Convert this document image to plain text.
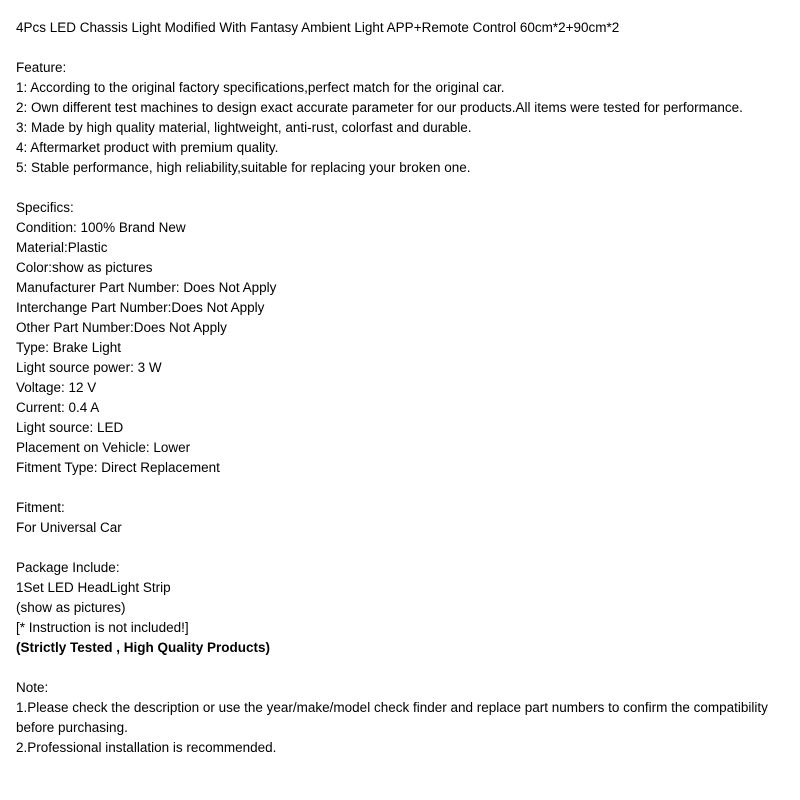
4Pcs LED Chassis Light Modified With Fantasy Ambient Light APP+Remote Control 60cm*2+90cm*2
Feature:
1: According to the original factory specifications,perfect match for the original car.
2: Own different test machines to design exact accurate parameter for our products.All items were tested for performance.
3: Made by high quality material, lightweight, anti-rust, colorfast and durable.
4: Aftermarket product with premium quality.
5: Stable performance, high reliability,suitable for replacing your broken one.
Specifics:
Condition: 100% Brand New
Material:Plastic
Color:show as pictures
Manufacturer Part Number: Does Not Apply
Interchange Part Number:Does Not Apply
Other Part Number:Does Not Apply
Type: Brake Light
Light source power: 3 W
Voltage: 12 V
Current: 0.4 A
Light source: LED
Placement on Vehicle: Lower
Fitment Type: Direct Replacement
Fitment:
For Universal Car
Package Include:
1Set LED HeadLight Strip
(show as pictures)
[* Instruction is not included!]
(Strictly Tested , High Quality Products)
Note:
1.Please check the description or use the year/make/model check finder and replace part numbers to confirm the compatibility before purchasing.
2.Professional installation is recommended.
